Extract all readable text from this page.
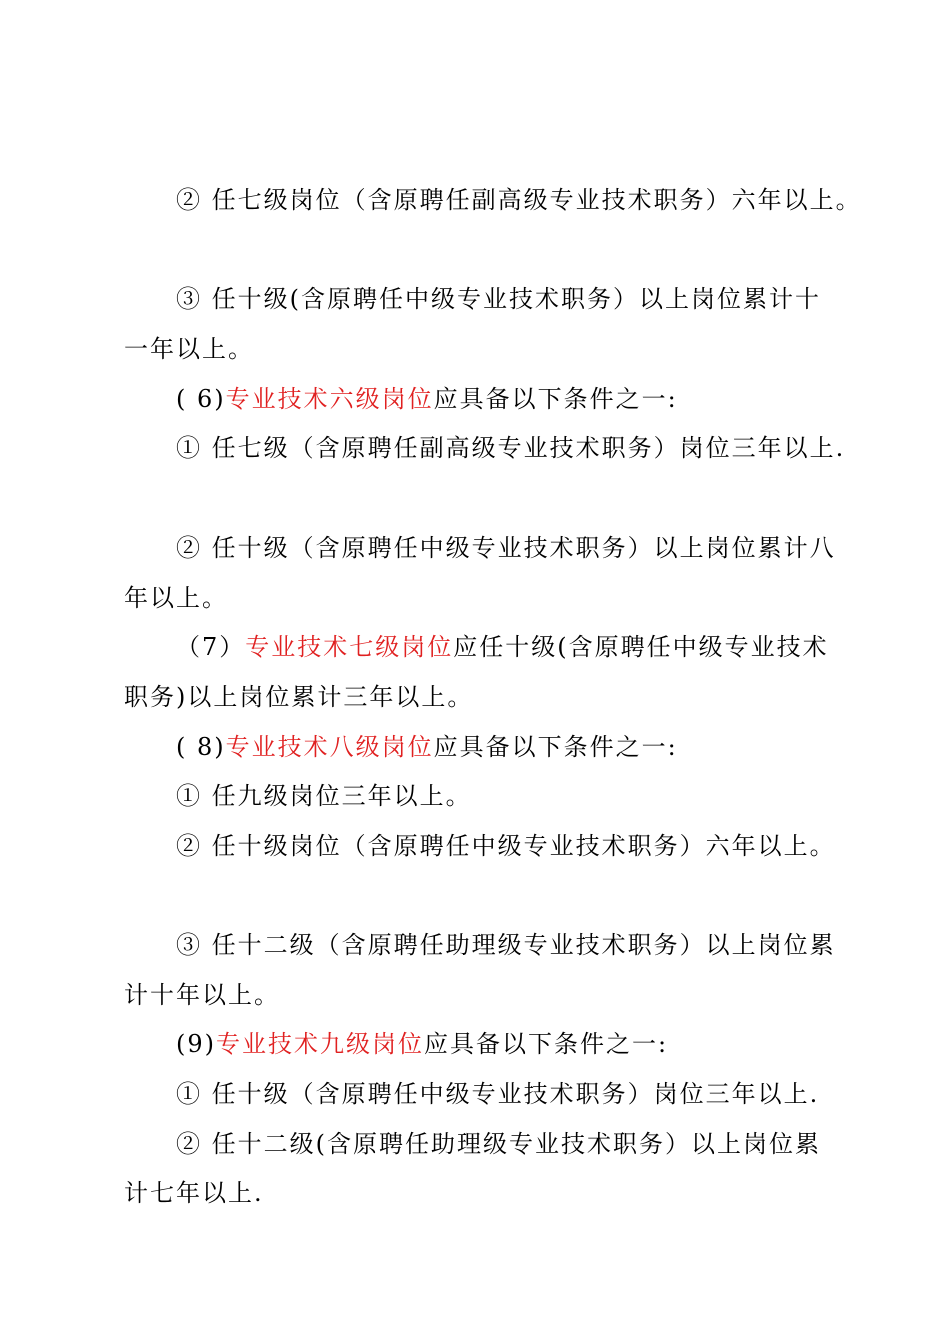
② 任七级岗位（含原聘任副高级专业技术职务）六年以上。
③ 任十级(含原聘任中级专业技术职务）以上岗位累计十
一年以上。
( 6)专业技术六级岗位应具备以下条件之一:
① 任七级（含原聘任副高级专业技术职务）岗位三年以上.
② 任十级（含原聘任中级专业技术职务）以上岗位累计八
年以上。
（7）专业技术七级岗位应任十级(含原聘任中级专业技术
职务)以上岗位累计三年以上。
( 8)专业技术八级岗位应具备以下条件之一:
① 任九级岗位三年以上。
② 任十级岗位（含原聘任中级专业技术职务）六年以上。
③ 任十二级（含原聘任助理级专业技术职务）以上岗位累
计十年以上。
(9)专业技术九级岗位应具备以下条件之一:
① 任十级（含原聘任中级专业技术职务）岗位三年以上.
② 任十二级(含原聘任助理级专业技术职务）以上岗位累
计七年以上.
